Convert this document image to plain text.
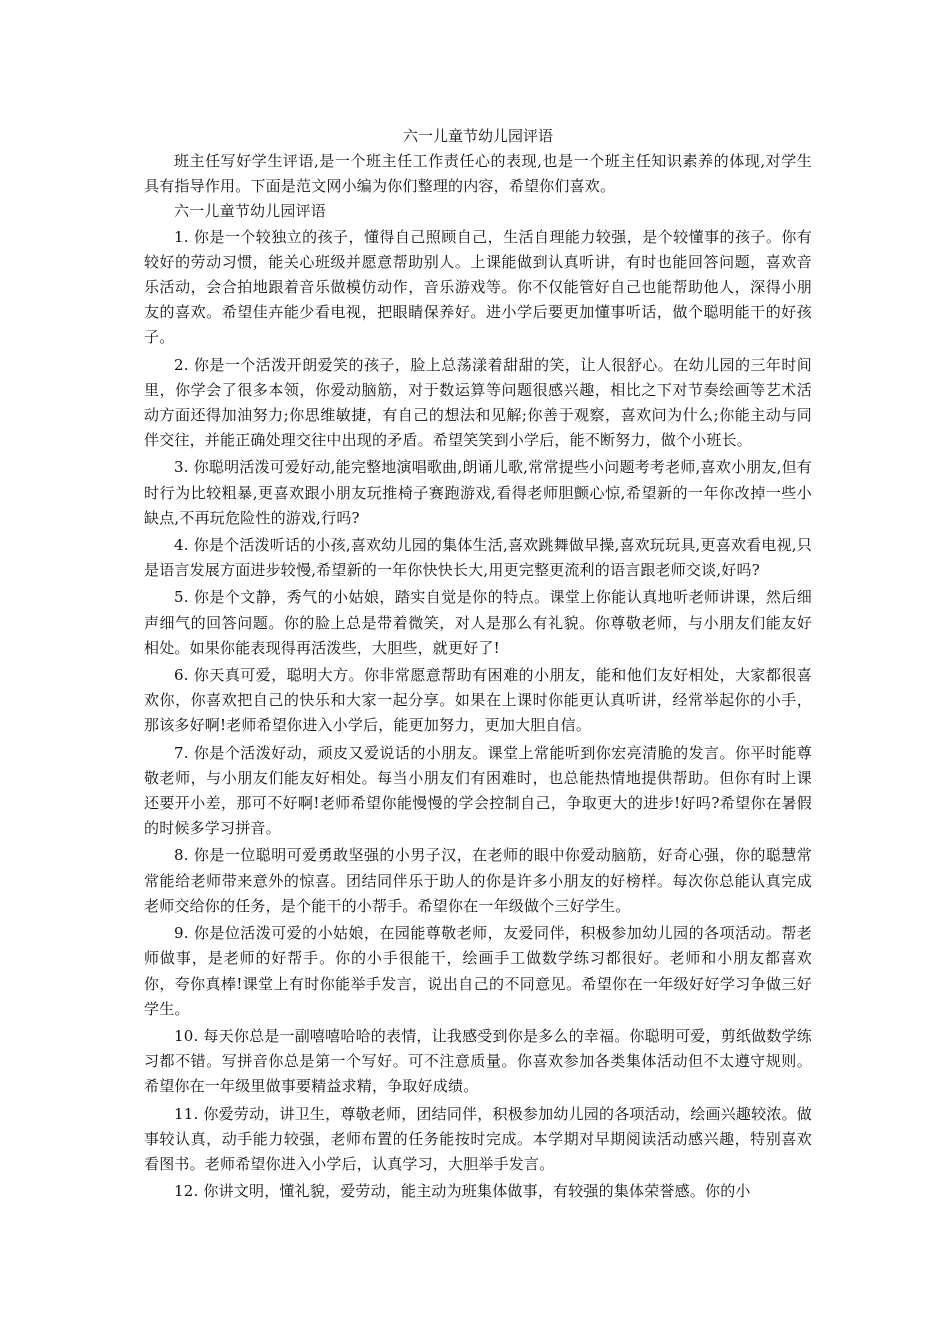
六一儿童节幼儿园评语

班主任写好学生评语,是一个班主任工作责任心的表现,也是一个班主任知识素养的体现,对学生具有指导作用。下面是范文网小编为你们整理的内容，希望你们喜欢。

六一儿童节幼儿园评语

1. 你是一个较独立的孩子，懂得自己照顾自己，生活自理能力较强，是个较懂事的孩子。你有较好的劳动习惯，能关心班级并愿意帮助别人。上课能做到认真听讲，有时也能回答问题，喜欢音乐活动，会合拍地跟着音乐做模仿动作，音乐游戏等。你不仅能管好自己也能帮助他人，深得小朋友的喜欢。希望佳卉能少看电视，把眼睛保养好。进小学后要更加懂事听话，做个聪明能干的好孩子。

2. 你是一个活泼开朗爱笑的孩子，脸上总荡漾着甜甜的笑，让人很舒心。在幼儿园的三年时间里，你学会了很多本领，你爱动脑筋，对于数运算等问题很感兴趣，相比之下对节奏绘画等艺术活动方面还得加油努力;你思维敏捷，有自己的想法和见解;你善于观察，喜欢问为什么;你能主动与同伴交往，并能正确处理交往中出现的矛盾。希望笑笑到小学后，能不断努力，做个小班长。

3. 你聪明活泼可爱好动,能完整地演唱歌曲,朗诵儿歌,常常提些小问题考考老师,喜欢小朋友,但有时行为比较粗暴,更喜欢跟小朋友玩推椅子赛跑游戏,看得老师胆颤心惊,希望新的一年你改掉一些小缺点,不再玩危险性的游戏,行吗?

4. 你是个活泼听话的小孩,喜欢幼儿园的集体生活,喜欢跳舞做早操,喜欢玩玩具,更喜欢看电视,只是语言发展方面进步较慢,希望新的一年你快快长大,用更完整更流利的语言跟老师交谈,好吗?

5. 你是个文静，秀气的小姑娘，踏实自觉是你的特点。课堂上你能认真地听老师讲课，然后细声细气的回答问题。你的脸上总是带着微笑，对人是那么有礼貌。你尊敬老师，与小朋友们能友好相处。如果你能表现得再活泼些，大胆些，就更好了!

6. 你天真可爱，聪明大方。你非常愿意帮助有困难的小朋友，能和他们友好相处，大家都很喜欢你，你喜欢把自己的快乐和大家一起分享。如果在上课时你能更认真听讲，经常举起你的小手，那该多好啊!老师希望你进入小学后，能更加努力，更加大胆自信。

7. 你是个活泼好动，顽皮又爱说话的小朋友。课堂上常能听到你宏亮清脆的发言。你平时能尊敬老师，与小朋友们能友好相处。每当小朋友们有困难时，也总能热情地提供帮助。但你有时上课还要开小差，那可不好啊!老师希望你能慢慢的学会控制自己，争取更大的进步!好吗?希望你在暑假的时候多学习拼音。

8. 你是一位聪明可爱勇敢坚强的小男子汉，在老师的眼中你爱动脑筋，好奇心强，你的聪慧常常能给老师带来意外的惊喜。团结同伴乐于助人的你是许多小朋友的好榜样。每次你总能认真完成老师交给你的任务，是个能干的小帮手。希望你在一年级做个三好学生。

9. 你是位活泼可爱的小姑娘，在园能尊敬老师，友爱同伴，积极参加幼儿园的各项活动。帮老师做事，是老师的好帮手。你的小手很能干，绘画手工做数学练习都很好。老师和小朋友都喜欢你，夸你真棒!课堂上有时你能举手发言，说出自己的不同意见。希望你在一年级好好学习争做三好学生。

10. 每天你总是一副嘻嘻哈哈的表情，让我感受到你是多么的幸福。你聪明可爱，剪纸做数学练习都不错。写拼音你总是第一个写好。可不注意质量。你喜欢参加各类集体活动但不太遵守规则。希望你在一年级里做事要精益求精，争取好成绩。

11. 你爱劳动，讲卫生，尊敬老师，团结同伴，积极参加幼儿园的各项活动，绘画兴趣较浓。做事较认真，动手能力较强，老师布置的任务能按时完成。本学期对早期阅读活动感兴趣，特别喜欢看图书。老师希望你进入小学后，认真学习，大胆举手发言。

12. 你讲文明，懂礼貌，爱劳动，能主动为班集体做事，有较强的集体荣誉感。你的小
